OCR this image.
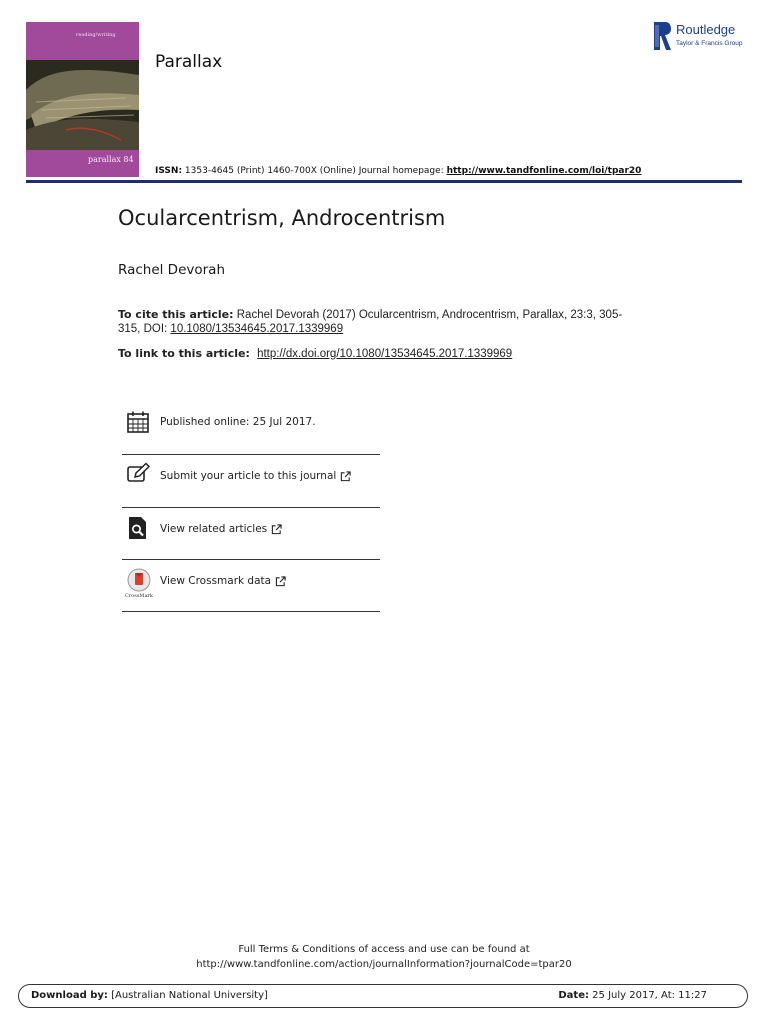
reading/writing
parallax 84
Parallax
ISSN: 1353-4645 (Print) 1460-700X (Online) Journal homepage: http://www.tandfonline.com/loi/tpar20
Routledge
Taylor & Francis Group
Ocularcentrism, Androcentrism
Rachel Devorah
To cite this article: Rachel Devorah (2017) Ocularcentrism, Androcentrism, Parallax, 23:3, 305-315, DOI: 10.1080/13534645.2017.1339969
To link to this article: http://dx.doi.org/10.1080/13534645.2017.1339969
Published online: 25 Jul 2017.
Submit your article to this journal
View related articles
CrossMark
View Crossmark data
Full Terms & Conditions of access and use can be found at
http://www.tandfonline.com/action/journalInformation?journalCode=tpar20
Download by: [Australian National University]	Date: 25 July 2017, At: 11:27
